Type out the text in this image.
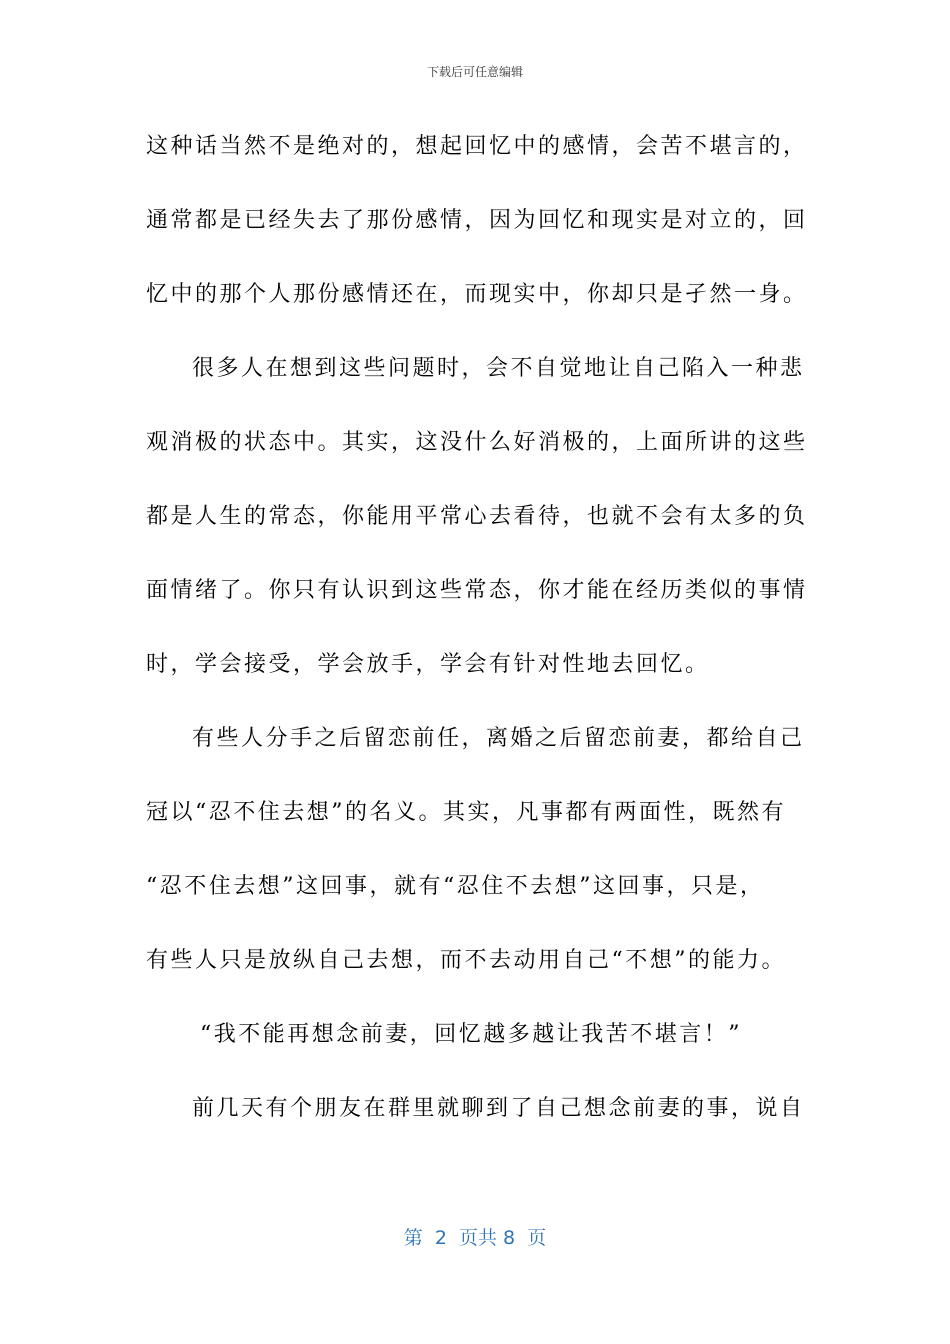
下载后可任意编辑
这种话当然不是绝对的，想起回忆中的感情，会苦不堪言的，
通常都是已经失去了那份感情，因为回忆和现实是对立的，回
忆中的那个人那份感情还在，而现实中，你却只是孑然一身。
很多人在想到这些问题时，会不自觉地让自己陷入一种悲
观消极的状态中。其实，这没什么好消极的，上面所讲的这些
都是人生的常态，你能用平常心去看待，也就不会有太多的负
面情绪了。你只有认识到这些常态，你才能在经历类似的事情
时，学会接受，学会放手，学会有针对性地去回忆。
有些人分手之后留恋前任，离婚之后留恋前妻，都给自己
冠以“忍不住去想”的名义。其实，凡事都有两面性，既然有
“忍不住去想”这回事，就有“忍住不去想”这回事，只是，
有些人只是放纵自己去想，而不去动用自己“不想”的能力。
“我不能再想念前妻，回忆越多越让我苦不堪言！”
前几天有个朋友在群里就聊到了自己想念前妻的事，说自
第  2  页共 8  页
